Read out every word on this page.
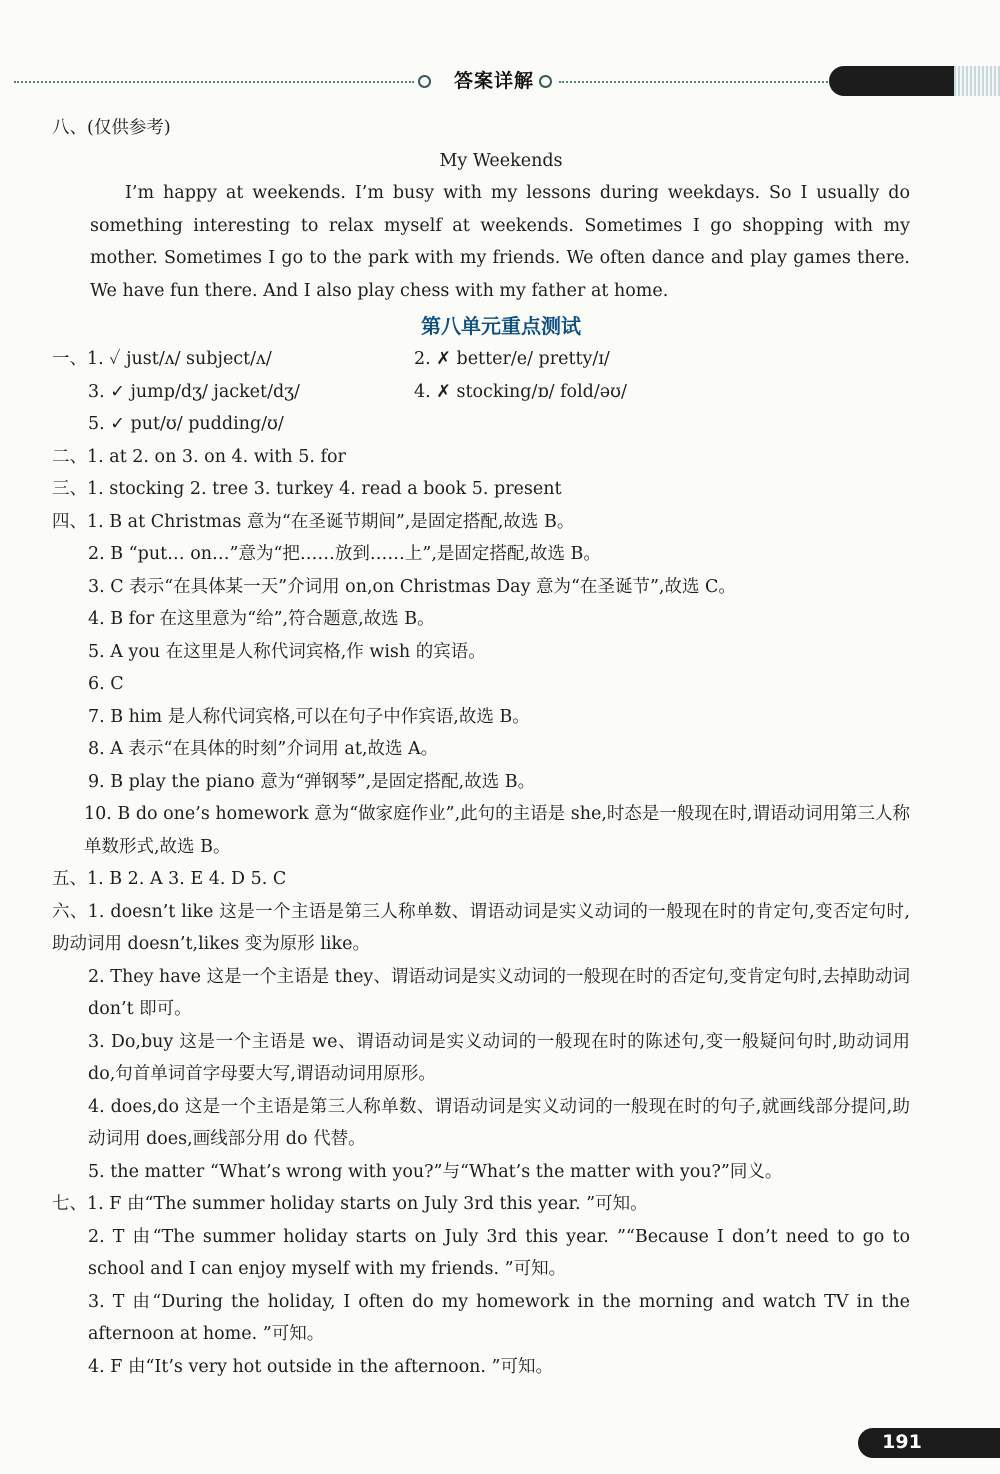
答案详解
八、(仅供参考)
My Weekends
I’m happy at weekends. I’m busy with my lessons during weekdays. So I usually do something interesting to relax myself at weekends. Sometimes I go shopping with my mother. Sometimes I go to the park with my friends. We often dance and play games there. We have fun there. And I also play chess with my father at home.
第八单元重点测试
一、1. ✓ just/ʌ/ subject/ʌ/	2. ✗ better/e/ pretty/ɪ/
3. ✓ jump/dʒ/ jacket/dʒ/	4. ✗ stocking/ɒ/ fold/əʊ/
5. ✓ put/ʊ/ pudding/ʊ/
二、1. at 2. on 3. on 4. with 5. for
三、1. stocking 2. tree 3. turkey 4. read a book 5. present
四、1. B at Christmas 意为“在圣诞节期间”,是固定搭配,故选 B。
2. B “put… on…”意为“把……放到……上”,是固定搭配,故选 B。
3. C 表示“在具体某一天”介词用 on,on Christmas Day 意为“在圣诞节”,故选 C。
4. B for 在这里意为“给”,符合题意,故选 B。
5. A you 在这里是人称代词宾格,作 wish 的宾语。
6. C
7. B him 是人称代词宾格,可以在句子中作宾语,故选 B。
8. A 表示“在具体的时刻”介词用 at,故选 A。
9. B play the piano 意为“弹钢琴”,是固定搭配,故选 B。
10. B do one’s homework 意为“做家庭作业”,此句的主语是 she,时态是一般现在时,谓语动词用第三人称单数形式,故选 B。
五、1. B 2. A 3. E 4. D 5. C
六、1. doesn’t like 这是一个主语是第三人称单数、谓语动词是实义动词的一般现在时的肯定句,变否定句时,助动词用 doesn’t,likes 变为原形 like。
2. They have 这是一个主语是 they、谓语动词是实义动词的一般现在时的否定句,变肯定句时,去掉助动词 don’t 即可。
3. Do,buy 这是一个主语是 we、谓语动词是实义动词的一般现在时的陈述句,变一般疑问句时,助动词用 do,句首单词首字母要大写,谓语动词用原形。
4. does,do 这是一个主语是第三人称单数、谓语动词是实义动词的一般现在时的句子,就画线部分提问,助动词用 does,画线部分用 do 代替。
5. the matter “What’s wrong with you?”与“What’s the matter with you?”同义。
七、1. F 由“The summer holiday starts on July 3rd this year. ”可知。
2. T 由“The summer holiday starts on July 3rd this year. ”“Because I don’t need to go to school and I can enjoy myself with my friends. ”可知。
3. T 由“During the holiday, I often do my homework in the morning and watch TV in the afternoon at home. ”可知。
4. F 由“It’s very hot outside in the afternoon. ”可知。
191
